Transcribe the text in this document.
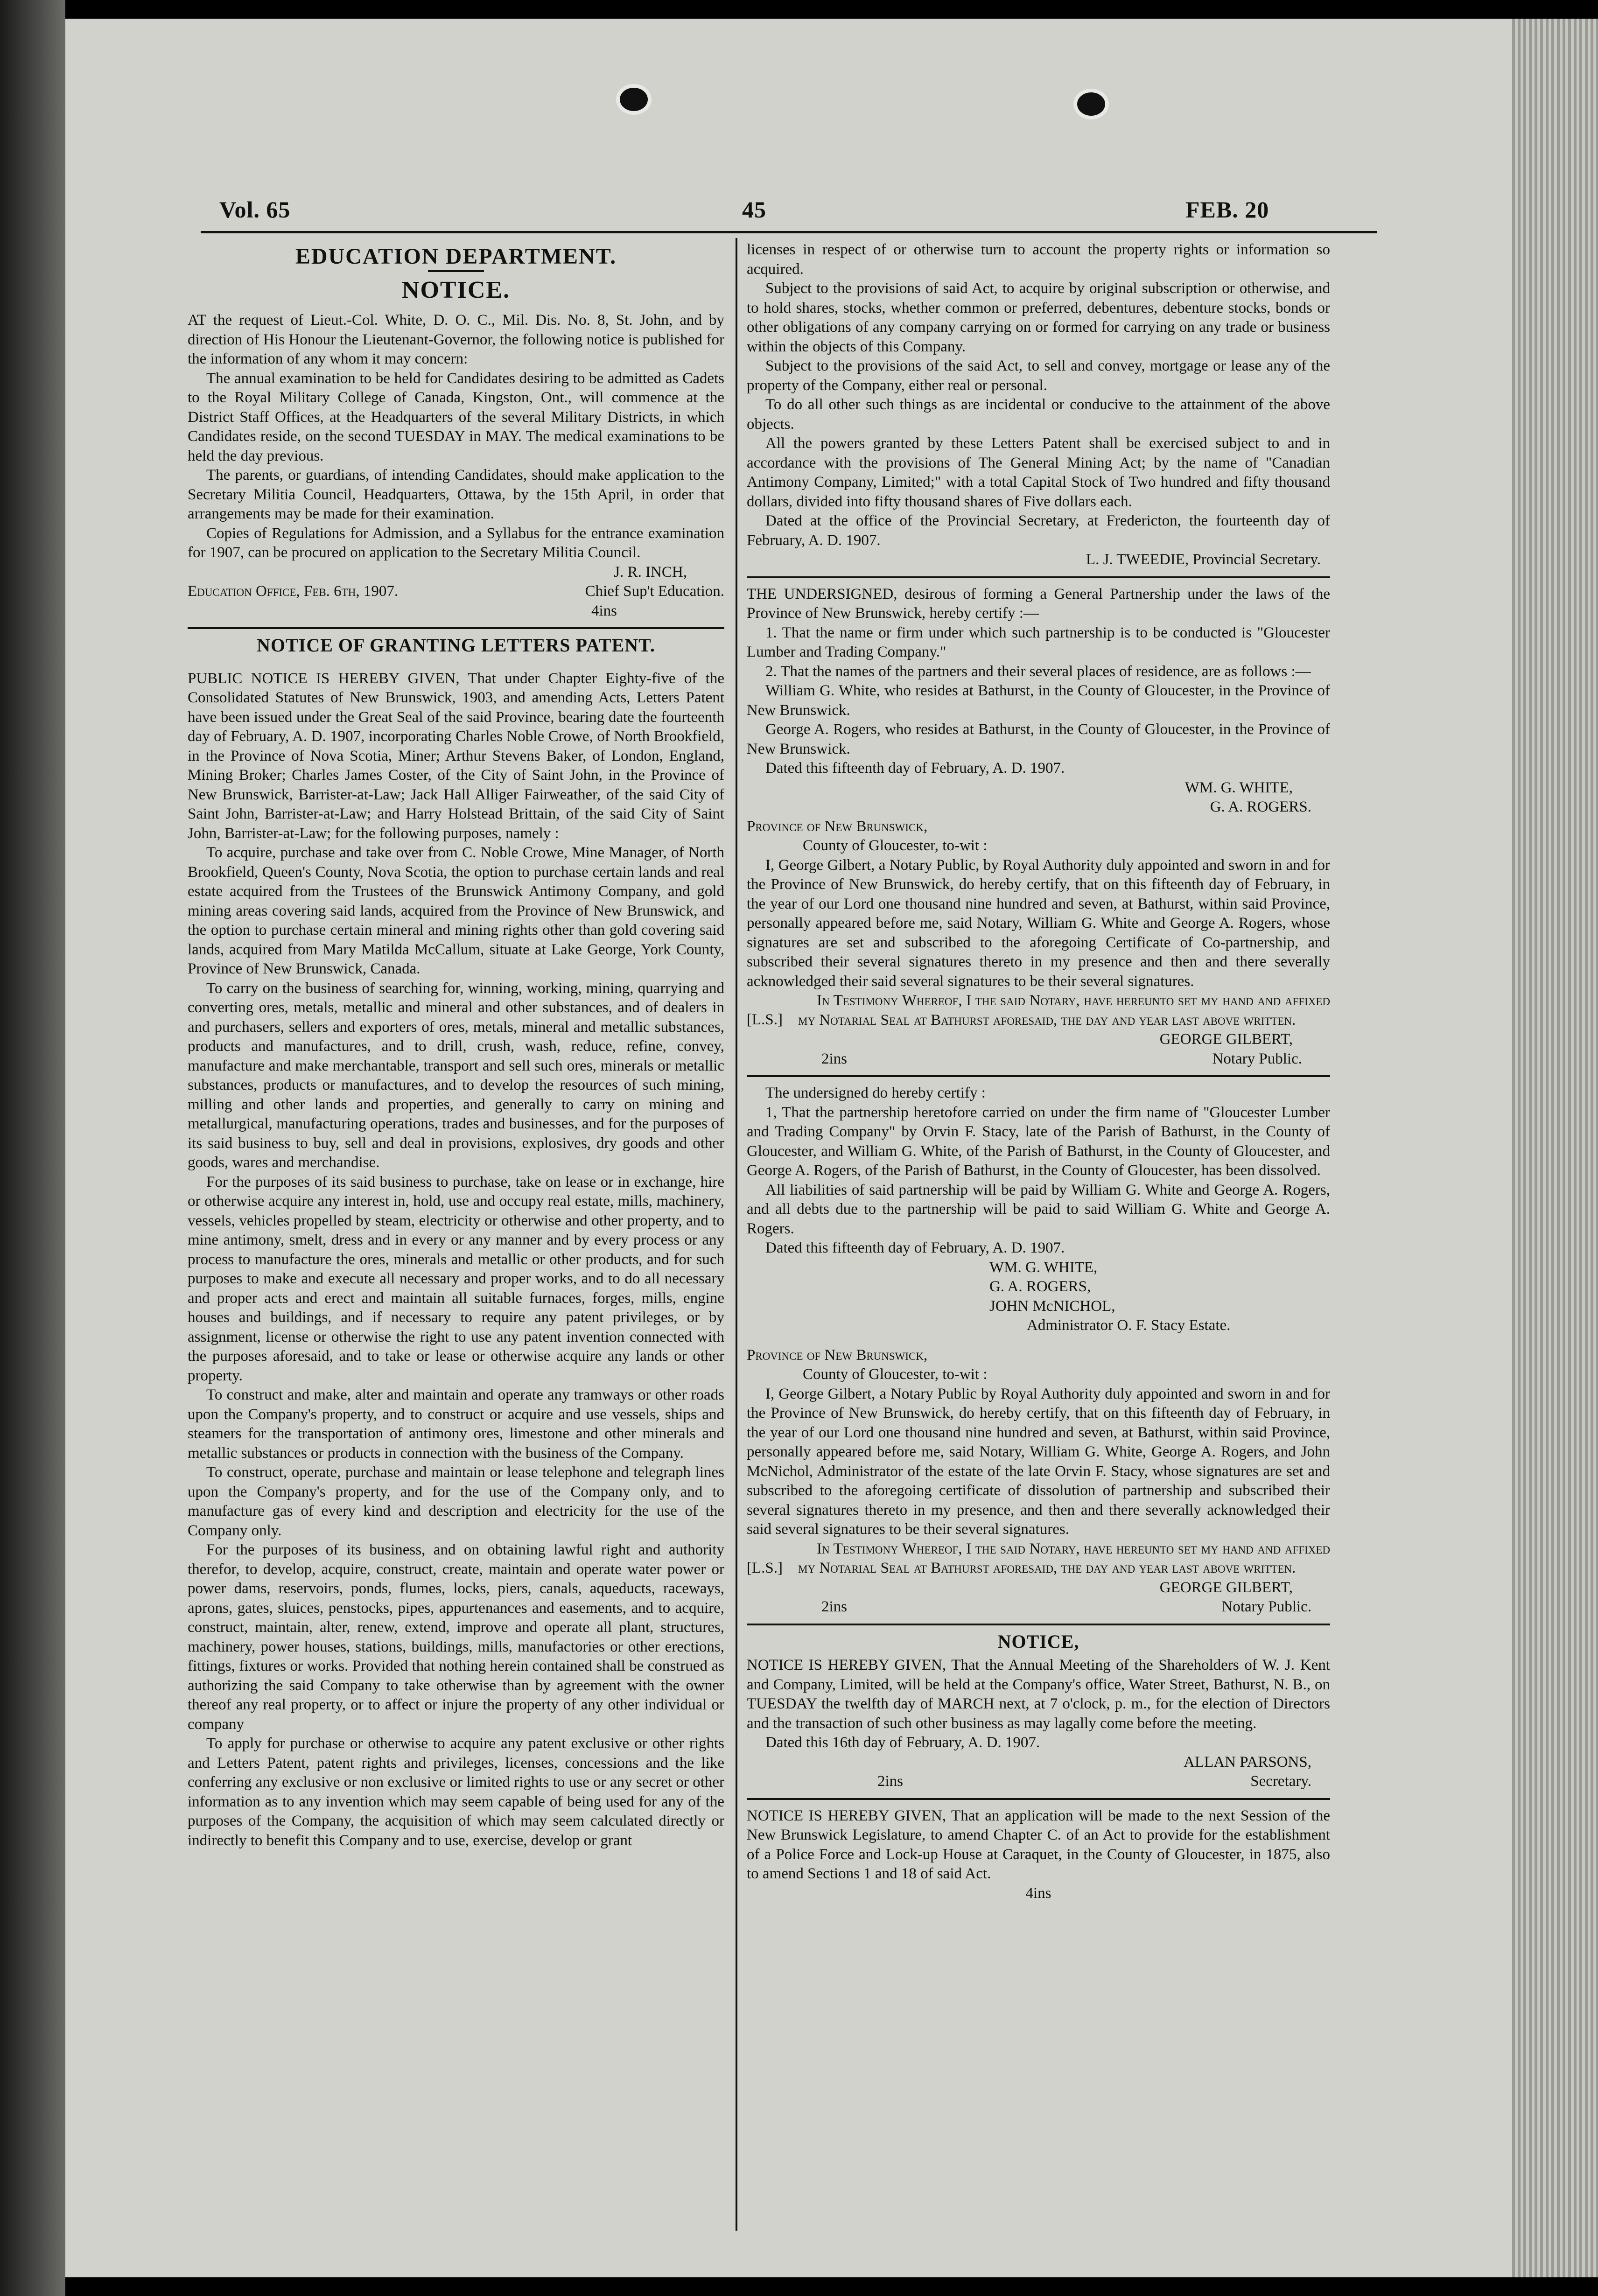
Vol. 65	45	FEB. 20
EDUCATION DEPARTMENT.
NOTICE.

AT the request of Lieut.-Col. White, D. O. C., Mil. Dis. No. 8, St. John, and by direction of His Honour the Lieutenant-Governor, the following notice is published for the information of any whom it may concern:

The annual examination to be held for Candidates desiring to be admitted as Cadets to the Royal Military College of Canada, Kingston, Ont., will commence at the District Staff Offices, at the Headquarters of the several Military Districts, in which Candidates reside, on the second TUESDAY in MAY. The medical examinations to be held the day previous.

The parents, or guardians, of intending Candidates, should make application to the Secretary Militia Council, Headquarters, Ottawa, by the 15th April, in order that arrangements may be made for their examination.

Copies of Regulations for Admission, and a Syllabus for the entrance examination for 1907, can be procured on application to the Secretary Militia Council.

J. R. INCH,

Education Office, Feb. 6th, 1907.	Chief Sup't Education.

4ins

NOTICE OF GRANTING LETTERS PATENT.

PUBLIC NOTICE IS HEREBY GIVEN, That under Chapter Eighty-five of the Consolidated Statutes of New Brunswick, 1903, and amending Acts, Letters Patent have been issued under the Great Seal of the said Province, bearing date the fourteenth day of February, A. D. 1907, incorporating Charles Noble Crowe, of North Brookfield, in the Province of Nova Scotia, Miner; Arthur Stevens Baker, of London, England, Mining Broker; Charles James Coster, of the City of Saint John, in the Province of New Brunswick, Barrister-at-Law; Jack Hall Alliger Fairweather, of the said City of Saint John, Barrister-at-Law; and Harry Holstead Brittain, of the said City of Saint John, Barrister-at-Law; for the following purposes, namely :

To acquire, purchase and take over from C. Noble Crowe, Mine Manager, of North Brookfield, Queen's County, Nova Scotia, the option to purchase certain lands and real estate acquired from the Trustees of the Brunswick Antimony Company, and gold mining areas covering said lands, acquired from the Province of New Brunswick, and the option to purchase certain mineral and mining rights other than gold covering said lands, acquired from Mary Matilda McCallum, situate at Lake George, York County, Province of New Brunswick, Canada.

To carry on the business of searching for, winning, working, mining, quarrying and converting ores, metals, metallic and mineral and other substances, and of dealers in and purchasers, sellers and exporters of ores, metals, mineral and metallic substances, products and manufactures, and to drill, crush, wash, reduce, refine, convey, manufacture and make merchantable, transport and sell such ores, minerals or metallic substances, products or manufactures, and to develop the resources of such mining, milling and other lands and properties, and generally to carry on mining and metallurgical, manufacturing operations, trades and businesses, and for the purposes of its said business to buy, sell and deal in provisions, explosives, dry goods and other goods, wares and merchandise.

For the purposes of its said business to purchase, take on lease or in exchange, hire or otherwise acquire any interest in, hold, use and occupy real estate, mills, machinery, vessels, vehicles propelled by steam, electricity or otherwise and other property, and to mine antimony, smelt, dress and in every or any manner and by every process or any process to manufacture the ores, minerals and metallic or other products, and for such purposes to make and execute all necessary and proper works, and to do all necessary and proper acts and erect and maintain all suitable furnaces, forges, mills, engine houses and buildings, and if necessary to require any patent privileges, or by assignment, license or otherwise the right to use any patent invention connected with the purposes aforesaid, and to take or lease or otherwise acquire any lands or other property.

To construct and make, alter and maintain and operate any tramways or other roads upon the Company's property, and to construct or acquire and use vessels, ships and steamers for the transportation of antimony ores, limestone and other minerals and metallic substances or products in connection with the business of the Company.

To construct, operate, purchase and maintain or lease telephone and telegraph lines upon the Company's property, and for the use of the Company only, and to manufacture gas of every kind and description and electricity for the use of the Company only.

For the purposes of its business, and on obtaining lawful right and authority therefor, to develop, acquire, construct, create, maintain and operate water power or power dams, reservoirs, ponds, flumes, locks, piers, canals, aqueducts, raceways, aprons, gates, sluices, penstocks, pipes, appurtenances and easements, and to acquire, construct, maintain, alter, renew, extend, improve and operate all plant, structures, machinery, power houses, stations, buildings, mills, manufactories or other erections, fittings, fixtures or works. Provided that nothing herein contained shall be construed as authorizing the said Company to take otherwise than by agreement with the owner thereof any real property, or to affect or injure the property of any other individual or company

To apply for purchase or otherwise to acquire any patent exclusive or other rights and Letters Patent, patent rights and privileges, licenses, concessions and the like conferring any exclusive or non exclusive or limited rights to use or any secret or other information as to any invention which may seem capable of being used for any of the purposes of the Company, the acquisition of which may seem calculated directly or indirectly to benefit this Company and to use, exercise, develop or grant

licenses in respect of or otherwise turn to account the property rights or information so acquired.

Subject to the provisions of said Act, to acquire by original subscription or otherwise, and to hold shares, stocks, whether common or preferred, debentures, debenture stocks, bonds or other obligations of any company carrying on or formed for carrying on any trade or business within the objects of this Company.

Subject to the provisions of the said Act, to sell and convey, mortgage or lease any of the property of the Company, either real or personal.

To do all other such things as are incidental or conducive to the attainment of the above objects.

All the powers granted by these Letters Patent shall be exercised subject to and in accordance with the provisions of The General Mining Act; by the name of "Canadian Antimony Company, Limited;" with a total Capital Stock of Two hundred and fifty thousand dollars, divided into fifty thousand shares of Five dollars each.

Dated at the office of the Provincial Secretary, at Fredericton, the fourteenth day of February, A. D. 1907.

L. J. TWEEDIE, Provincial Secretary.

THE UNDERSIGNED, desirous of forming a General Partnership under the laws of the Province of New Brunswick, hereby certify :—

1. That the name or firm under which such partnership is to be conducted is "Gloucester Lumber and Trading Company."

2. That the names of the partners and their several places of residence, are as follows :—

William G. White, who resides at Bathurst, in the County of Gloucester, in the Province of New Brunswick.

George A. Rogers, who resides at Bathurst, in the County of Gloucester, in the Province of New Brunswick.

Dated this fifteenth day of February, A. D. 1907.

WM. G. WHITE,

G. A. ROGERS.

Province of New Brunswick,

County of Gloucester, to-wit :

I, George Gilbert, a Notary Public, by Royal Authority duly appointed and sworn in and for the Province of New Brunswick, do hereby certify, that on this fifteenth day of February, in the year of our Lord one thousand nine hundred and seven, at Bathurst, within said Province, personally appeared before me, said Notary, William G. White and George A. Rogers, whose signatures are set and subscribed to the aforegoing Certificate of Co-partnership, and subscribed their several signatures thereto in my presence and then and there severally acknowledged their said several signatures to be their several signatures.

[L.S.]

In Testimony Whereof, I the said Notary, have hereunto set my hand and affixed my Notarial Seal at Bathurst aforesaid, the day and year last above written.

GEORGE GILBERT,

2ins	Notary Public.

The undersigned do hereby certify :

1, That the partnership heretofore carried on under the firm name of "Gloucester Lumber and Trading Company" by Orvin F. Stacy, late of the Parish of Bathurst, in the County of Gloucester, and William G. White, of the Parish of Bathurst, in the County of Gloucester, and George A. Rogers, of the Parish of Bathurst, in the County of Gloucester, has been dissolved.

All liabilities of said partnership will be paid by William G. White and George A. Rogers, and all debts due to the partnership will be paid to said William G. White and George A. Rogers.

Dated this fifteenth day of February, A. D. 1907.

WM. G. WHITE,

G. A. ROGERS,

JOHN McNICHOL,

Administrator O. F. Stacy Estate.

Province of New Brunswick,

County of Gloucester, to-wit :

I, George Gilbert, a Notary Public by Royal Authority duly appointed and sworn in and for the Province of New Brunswick, do hereby certify, that on this fifteenth day of February, in the year of our Lord one thousand nine hundred and seven, at Bathurst, within said Province, personally appeared before me, said Notary, William G. White, George A. Rogers, and John McNichol, Administrator of the estate of the late Orvin F. Stacy, whose signatures are set and subscribed to the aforegoing certificate of dissolution of partnership and subscribed their several signatures thereto in my presence, and then and there severally acknowledged their said several signatures to be their several signatures.

[L.S.]

In Testimony Whereof, I the said Notary, have hereunto set my hand and affixed my Notarial Seal at Bathurst aforesaid, the day and year last above written.

GEORGE GILBERT,

2ins	Notary Public.
NOTICE,

NOTICE IS HEREBY GIVEN, That the Annual Meeting of the Shareholders of W. J. Kent and Company, Limited, will be held at the Company's office, Water Street, Bathurst, N. B., on TUESDAY the twelfth day of MARCH next, at 7 o'clock, p. m., for the election of Directors and the transaction of such other business as may lagally come before the meeting.

Dated this 16th day of February, A. D. 1907.

ALLAN PARSONS,

2ins	Secretary.

NOTICE IS HEREBY GIVEN, That an application will be made to the next Session of the New Brunswick Legislature, to amend Chapter C. of an Act to provide for the establishment of a Police Force and Lock-up House at Caraquet, in the County of Gloucester, in 1875, also to amend Sections 1 and 18 of said Act.

4ins
